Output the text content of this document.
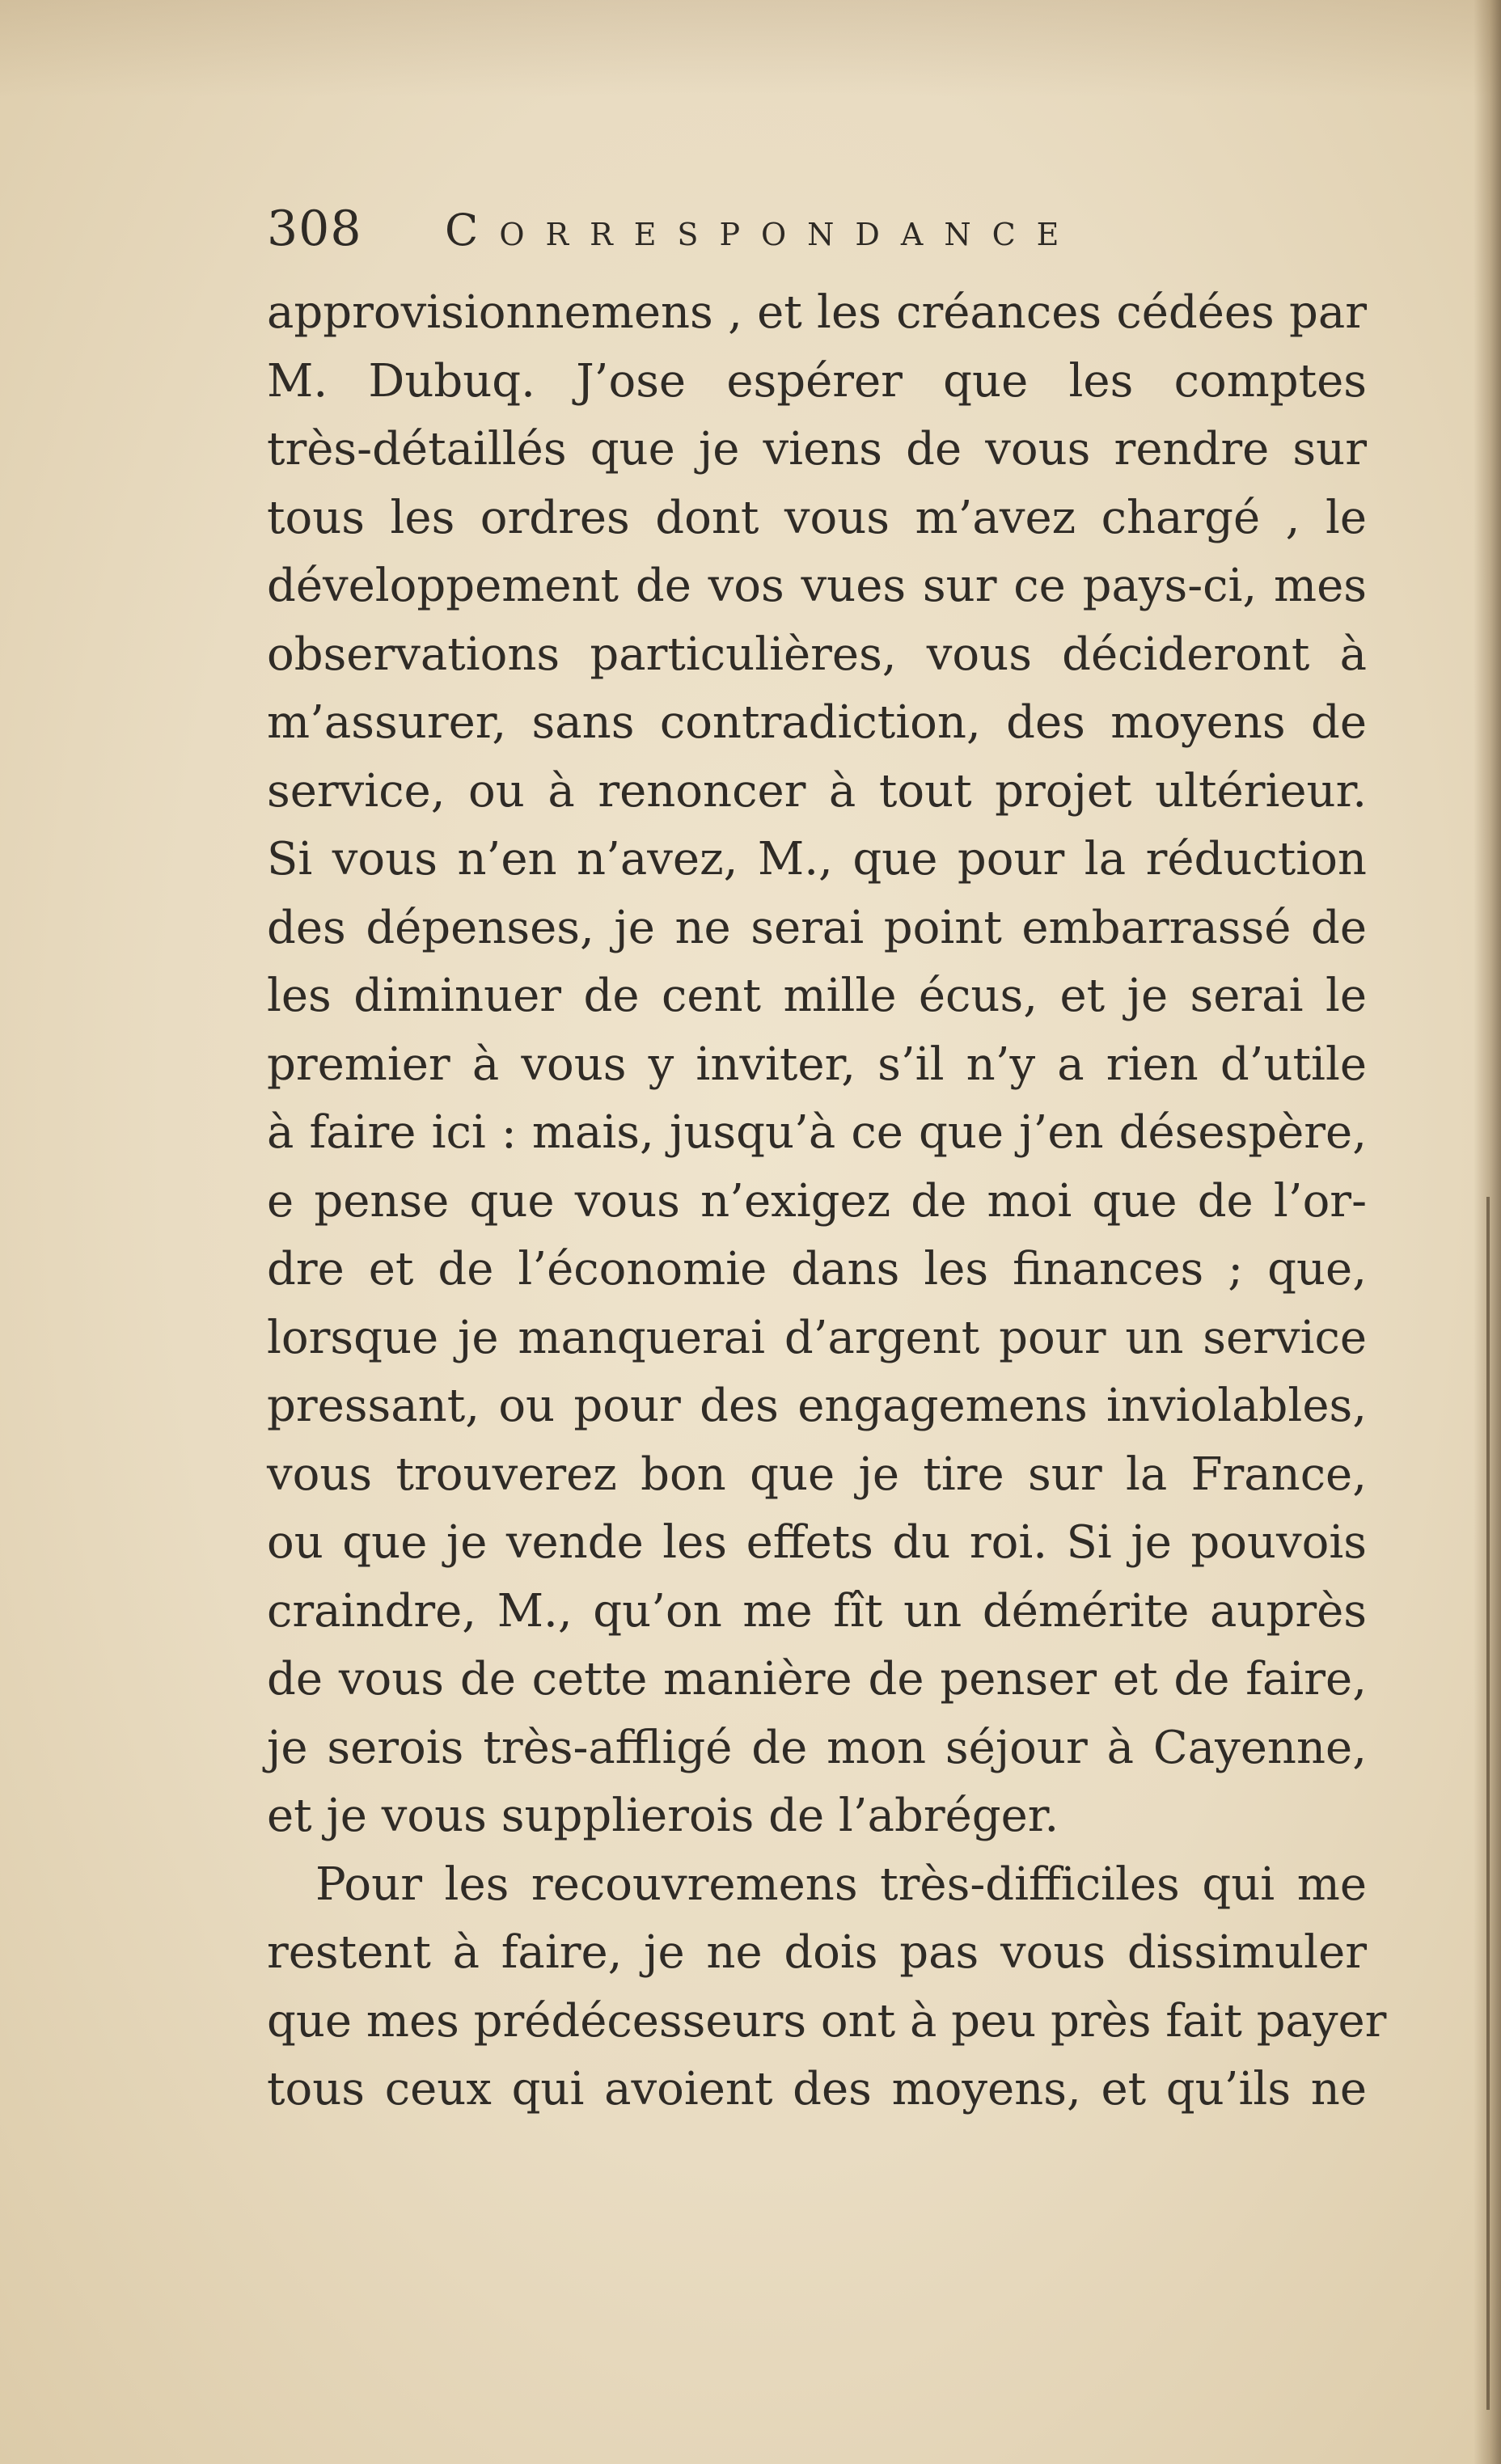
308	Correspondance
approvisionnemens , et les créances cédées par
M. Dubuq. J’ose espérer que les comptes
très-détaillés que je viens de vous rendre sur
tous les ordres dont vous m’avez chargé , le
développement de vos vues sur ce pays-ci, mes
observations particulières, vous décideront à
m’assurer, sans contradiction, des moyens de
service, ou à renoncer à tout projet ultérieur.
Si vous n’en n’avez, M., que pour la réduction
des dépenses, je ne serai point embarrassé de
les diminuer de cent mille écus, et je serai le
premier à vous y inviter, s’il n’y a rien d’utile
à faire ici : mais, jusqu’à ce que j’en désespère,
e pense que vous n’exigez de moi que de l’or-
dre et de l’économie dans les finances ; que,
lorsque je manquerai d’argent pour un service
pressant, ou pour des engagemens inviolables,
vous trouverez bon que je tire sur la France,
ou que je vende les effets du roi. Si je pouvois
craindre, M., qu’on me fît un démérite auprès
de vous de cette manière de penser et de faire,
je serois très-affligé de mon séjour à Cayenne,
et je vous supplierois de l’abréger.
Pour les recouvremens très-difficiles qui me
restent à faire, je ne dois pas vous dissimuler
que mes prédécesseurs ont à peu près fait payer
tous ceux qui avoient des moyens, et qu’ils ne
